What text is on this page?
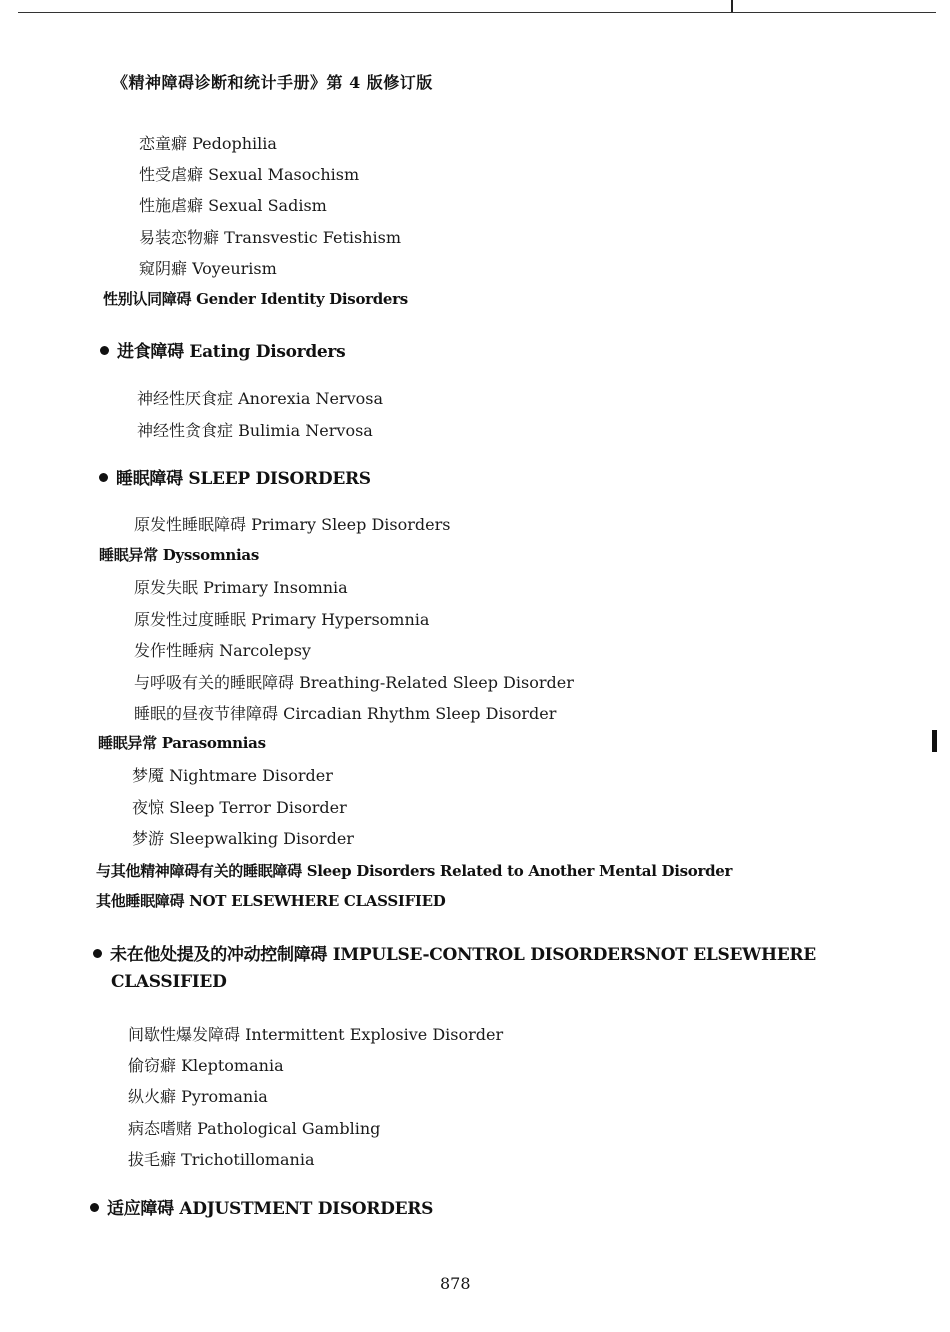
《精神障碍诊断和统计手册》第 4 版修订版
恋童癖 Pedophilia
性受虐癖 Sexual Masochism
性施虐癖 Sexual Sadism
易装恋物癖 Transvestic Fetishism
窥阴癖 Voyeurism
性别认同障碍 Gender Identity Disorders
进食障碍 Eating Disorders
神经性厌食症 Anorexia Nervosa
神经性贪食症 Bulimia Nervosa
睡眠障碍 SLEEP DISORDERS
原发性睡眠障碍 Primary Sleep Disorders
睡眠异常 Dyssomnias
原发失眠 Primary Insomnia
原发性过度睡眠 Primary Hypersomnia
发作性睡病 Narcolepsy
与呼吸有关的睡眠障碍 Breathing-Related Sleep Disorder
睡眠的昼夜节律障碍 Circadian Rhythm Sleep Disorder
睡眠异常 Parasomnias
梦魇 Nightmare Disorder
夜惊 Sleep Terror Disorder
梦游 Sleepwalking Disorder
与其他精神障碍有关的睡眠障碍 Sleep Disorders Related to Another Mental Disorder
其他睡眠障碍 NOT ELSEWHERE CLASSIFIED
未在他处提及的冲动控制障碍 IMPULSE-CONTROL DISORDERSNOT ELSEWHERE
CLASSIFIED
间歇性爆发障碍 Intermittent Explosive Disorder
偷窃癖 Kleptomania
纵火癖 Pyromania
病态嗜赌 Pathological Gambling
拔毛癖 Trichotillomania
适应障碍 ADJUSTMENT DISORDERS
878
